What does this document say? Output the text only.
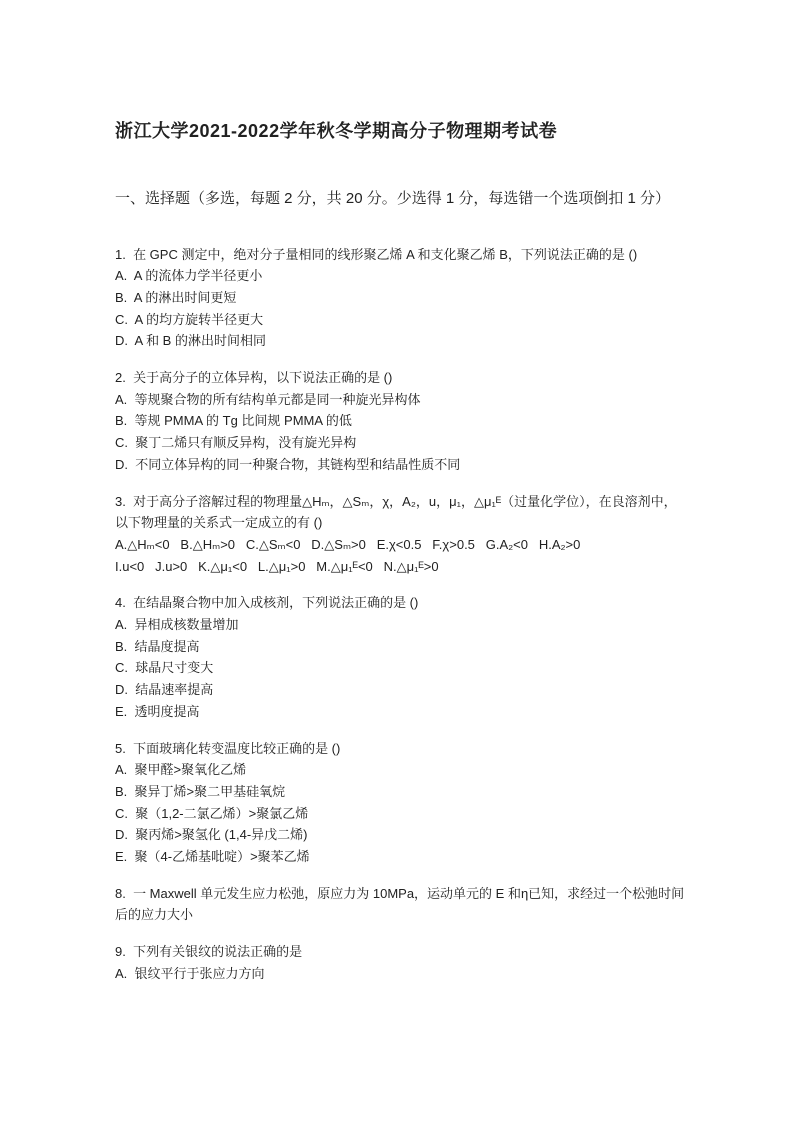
浙江大学2021-2022学年秋冬学期高分子物理期考试卷

一、选择题（多选，每题 2 分，共 20 分。少选得 1 分，每选错一个选项倒扣 1 分）

1.  在 GPC 测定中，绝对分子量相同的线形聚乙烯 A 和支化聚乙烯 B，下列说法正确的是 ()

A.  A 的流体力学半径更小

B.  A 的淋出时间更短

C.  A 的均方旋转半径更大

D.  A 和 B 的淋出时间相同

2.  关于高分子的立体异构，以下说法正确的是 ()

A.  等规聚合物的所有结构单元都是同一种旋光异构体

B.  等规 PMMA 的 Tg 比间规 PMMA 的低

C.  聚丁二烯只有顺反异构，没有旋光异构

D.  不同立体异构的同一种聚合物，其链构型和结晶性质不同

3.  对于高分子溶解过程的物理量△Hₘ，△Sₘ，χ，A₂，u，μ₁，△μ₁ᴱ（过量化学位），在良溶剂中，以下物理量的关系式一定成立的有 ()

A.△Hₘ<0   B.△Hₘ>0   C.△Sₘ<0   D.△Sₘ>0   E.χ<0.5   F.χ>0.5   G.A₂<0   H.A₂>0

I.u<0   J.u>0   K.△μ₁<0   L.△μ₁>0   M.△μ₁ᴱ<0   N.△μ₁ᴱ>0

4.  在结晶聚合物中加入成核剂，下列说法正确的是 ()

A.  异相成核数量增加

B.  结晶度提高

C.  球晶尺寸变大

D.  结晶速率提高

E.  透明度提高

5.  下面玻璃化转变温度比较正确的是 ()

A.  聚甲醛>聚氧化乙烯

B.  聚异丁烯>聚二甲基硅氧烷

C.  聚（1,2-二氯乙烯）>聚氯乙烯

D.  聚丙烯>聚氢化 (1,4-异戊二烯)

E.  聚（4-乙烯基吡啶）>聚苯乙烯

8.  一 Maxwell 单元发生应力松弛，原应力为 10MPa，运动单元的 E 和η已知，求经过一个松弛时间后的应力大小

9.  下列有关银纹的说法正确的是

A.  银纹平行于张应力方向
